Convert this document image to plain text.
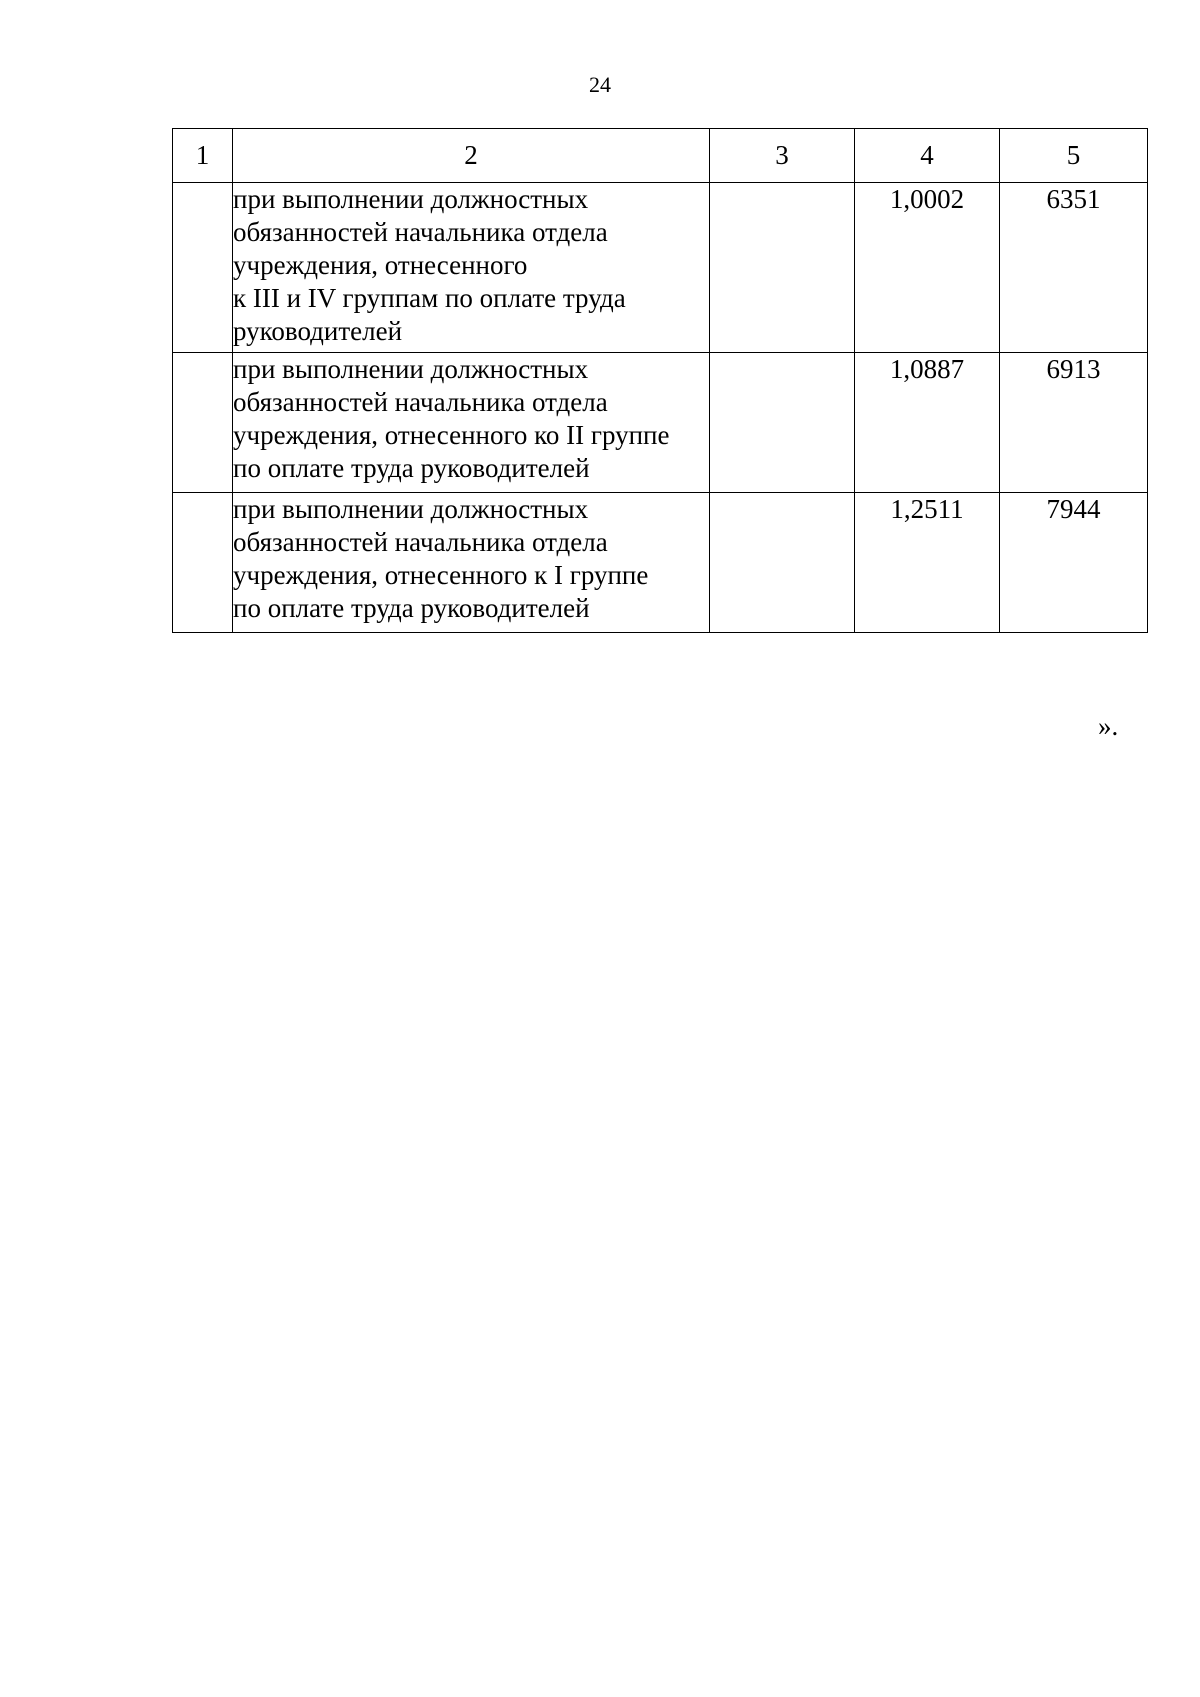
24
1	2	3	4	5

	при выполнении должностных
обязанностей начальника отдела
учреждения, отнесенного
к III и IV группам по оплате труда
руководителей		1,0002	6351

	при выполнении должностных
обязанностей начальника отдела
учреждения, отнесенного ко II группе
по оплате труда руководителей		1,0887	6913

	при выполнении должностных
обязанностей начальника отдела
учреждения, отнесенного к I группе
по оплате труда руководителей		1,2511	7944
».
